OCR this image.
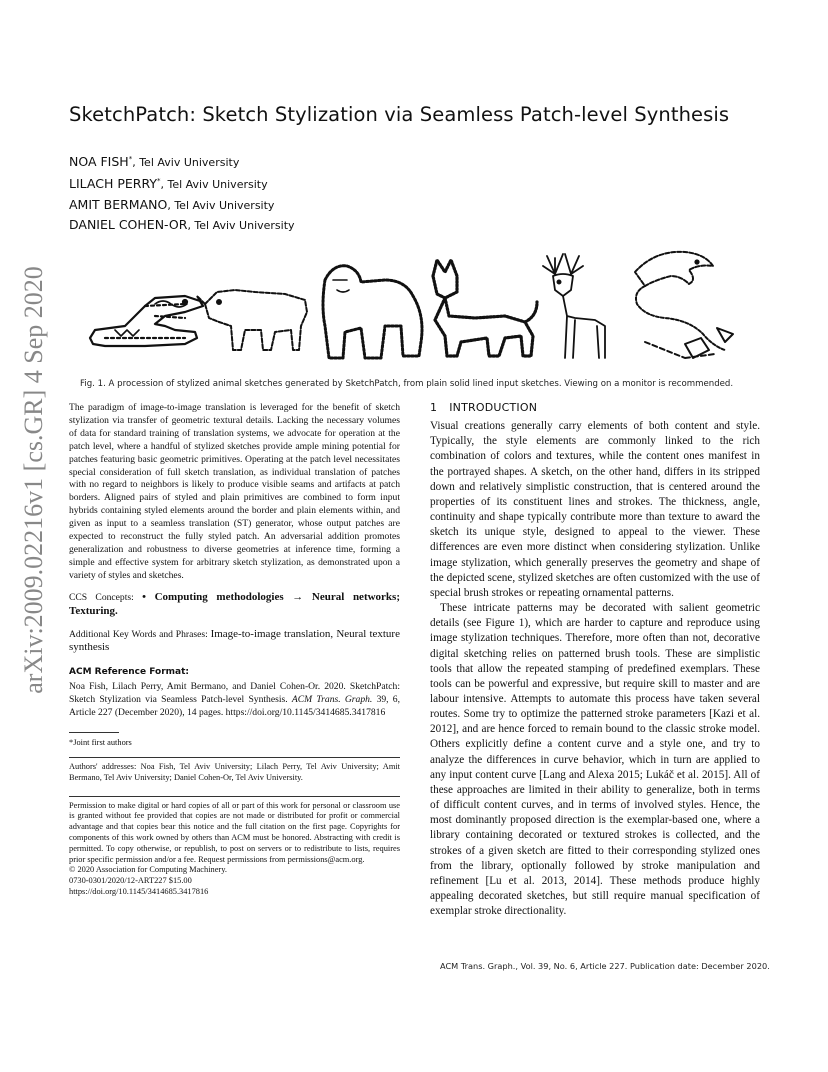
SketchPatch: Sketch Stylization via Seamless Patch-level Synthesis
NOA FISH*, Tel Aviv University
LILACH PERRY*, Tel Aviv University
AMIT BERMANO, Tel Aviv University
DANIEL COHEN-OR, Tel Aviv University
arXiv:2009.02216v1 [cs.GR] 4 Sep 2020	Fig. 1. A procession of stylized animal sketches generated by SketchPatch, from plain solid lined input sketches. Viewing on a monitor is recommended.

The paradigm of image-to-image translation is leveraged for the benefit of sketch stylization via transfer of geometric textural details. Lacking the necessary volumes of data for standard training of translation systems, we advocate for operation at the patch level, where a handful of stylized sketches provide ample mining potential for patches featuring basic geometric primitives. Operating at the patch level necessitates special consideration of full sketch translation, as individual translation of patches with no regard to neighbors is likely to produce visible seams and artifacts at patch borders. Aligned pairs of styled and plain primitives are combined to form input hybrids containing styled elements around the border and plain elements within, and given as input to a seamless translation (ST) generator, whose output patches are expected to reconstruct the fully styled patch. An adversarial addition promotes generalization and robustness to diverse geometries at inference time, forming a simple and effective system for arbitrary sketch stylization, as demonstrated upon a variety of styles and sketches.

CCS Concepts: • Computing methodologies → Neural networks; Texturing.

Additional Key Words and Phrases: Image-to-image translation, Neural texture synthesis

ACM Reference Format:

Noa Fish, Lilach Perry, Amit Bermano, and Daniel Cohen-Or. 2020. SketchPatch: Sketch Stylization via Seamless Patch-level Synthesis. ACM Trans. Graph. 39, 6, Article 227 (December 2020), 14 pages. https://doi.org/10.1145/3414685.3417816

*Joint first authors

Authors' addresses: Noa Fish, Tel Aviv University; Lilach Perry, Tel Aviv University; Amit Bermano, Tel Aviv University; Daniel Cohen-Or, Tel Aviv University.

Permission to make digital or hard copies of all or part of this work for personal or classroom use is granted without fee provided that copies are not made or distributed for profit or commercial advantage and that copies bear this notice and the full citation on the first page. Copyrights for components of this work owned by others than ACM must be honored. Abstracting with credit is permitted. To copy otherwise, or republish, to post on servers or to redistribute to lists, requires prior specific permission and/or a fee. Request permissions from permissions@acm.org.

© 2020 Association for Computing Machinery.
0730-0301/2020/12-ART227 $15.00
https://doi.org/10.1145/3414685.3417816
1 INTRODUCTION

Visual creations generally carry elements of both content and style. Typically, the style elements are commonly linked to the rich combination of colors and textures, while the content ones manifest in the portrayed shapes. A sketch, on the other hand, differs in its stripped down and relatively simplistic construction, that is centered around the properties of its constituent lines and strokes. The thickness, angle, continuity and shape typically contribute more than texture to award the sketch its unique style, designed to appeal to the viewer. These differences are even more distinct when considering stylization. Unlike image stylization, which generally preserves the geometry and shape of the depicted scene, stylized sketches are often customized with the use of special brush strokes or repeating ornamental patterns.

These intricate patterns may be decorated with salient geometric details (see Figure 1), which are harder to capture and reproduce using image stylization techniques. Therefore, more often than not, decorative digital sketching relies on patterned brush tools. These are simplistic tools that allow the repeated stamping of predefined exemplars. These tools can be powerful and expressive, but require skill to master and are labour intensive. Attempts to automate this process have taken several routes. Some try to optimize the patterned stroke parameters [Kazi et al. 2012], and are hence forced to remain bound to the classic stroke model. Others explicitly define a content curve and a style one, and try to analyze the differences in curve behavior, which in turn are applied to any input content curve [Lang and Alexa 2015; Lukáč et al. 2015]. All of these approaches are limited in their ability to generalize, both in terms of difficult content curves, and in terms of involved styles. Hence, the most dominantly proposed direction is the exemplar-based one, where a library containing decorated or textured strokes is collected, and the strokes of a given sketch are fitted to their corresponding stylized ones from the library, optionally followed by stroke manipulation and refinement [Lu et al. 2013, 2014]. These methods produce highly appealing decorated sketches, but still require manual specification of exemplar stroke directionality.

ACM Trans. Graph., Vol. 39, No. 6, Article 227. Publication date: December 2020.
